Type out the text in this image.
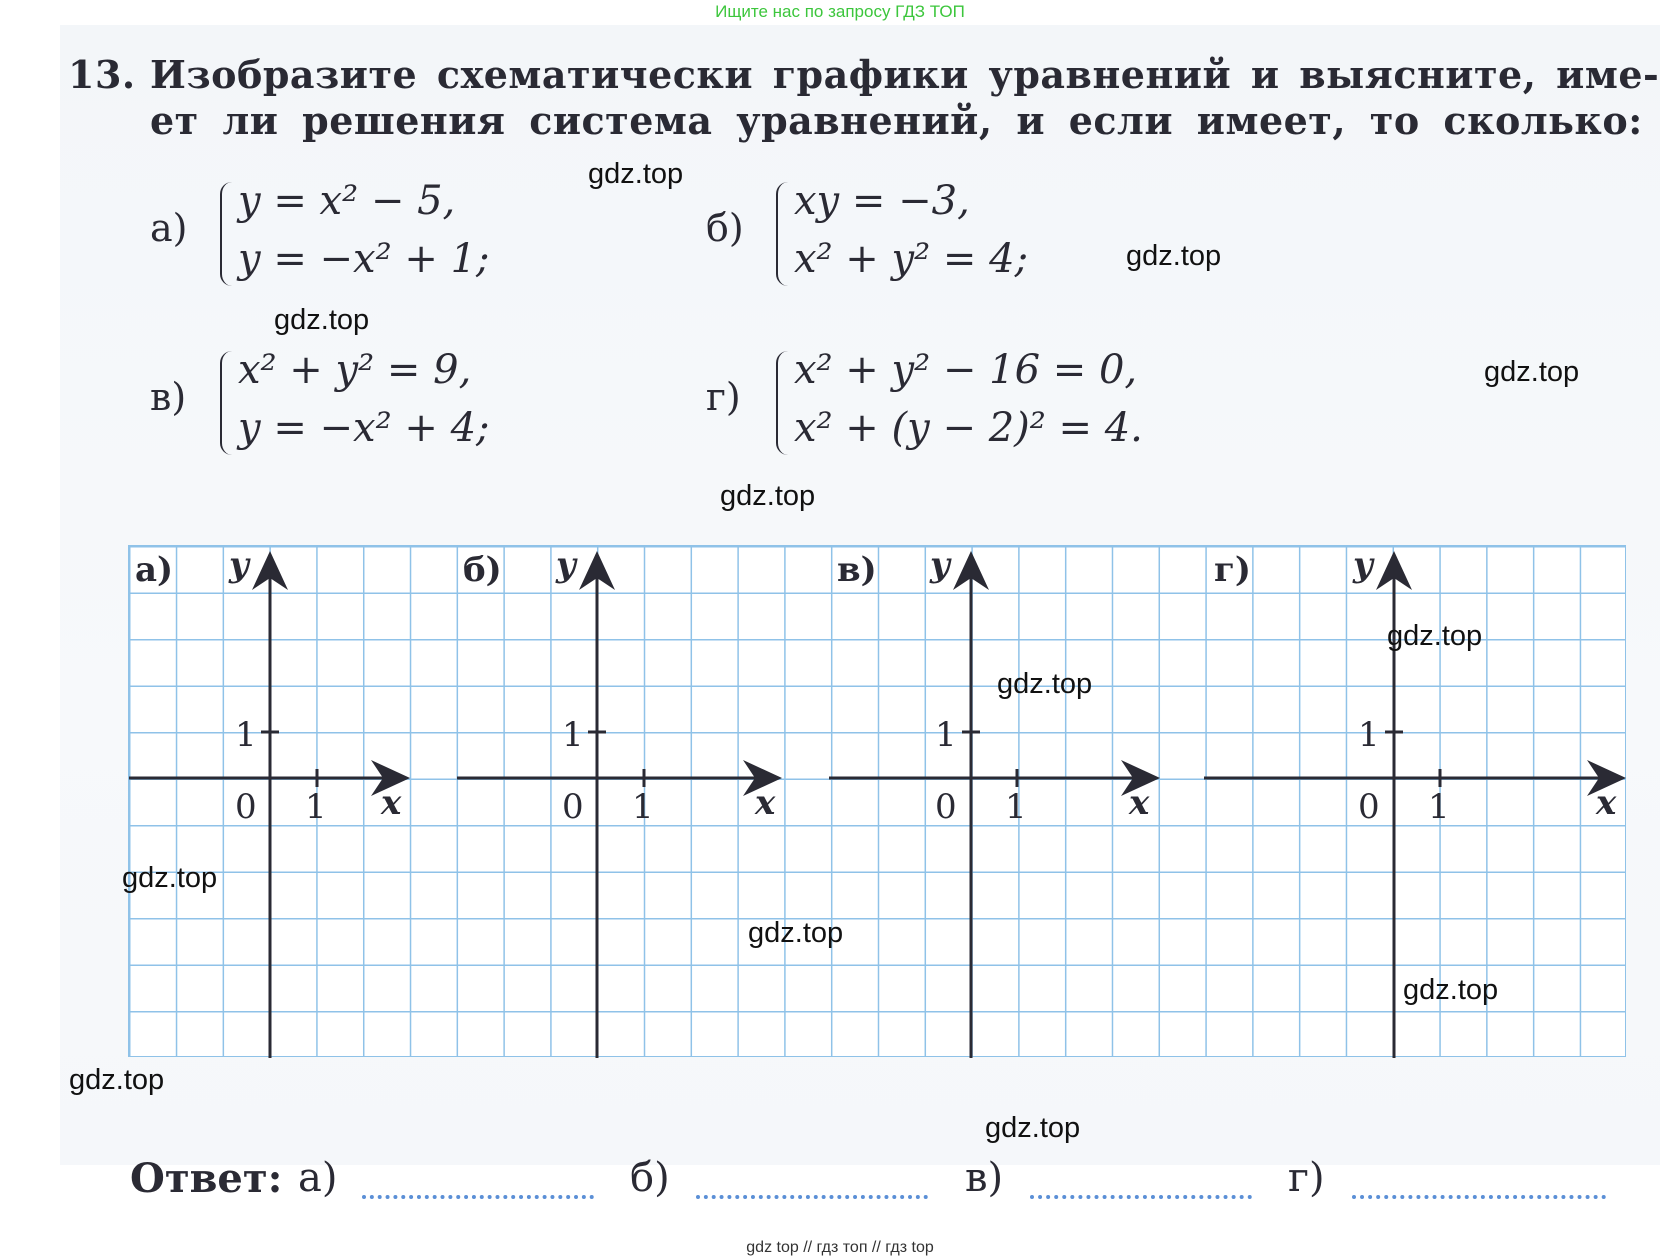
Ищите нас по запросу ГДЗ ТОП
13. Изобразите схематически графики уравнений и выясните, име-
ет ли решения система уравнений, и если имеет, то сколько:
а)
y = x² − 5,
y = −x² + 1;
б)
xy = −3,
x² + y² = 4;
в)
x² + y² = 9,
y = −x² + 4;
г)
x² + y² − 16 = 0,
x² + (y − 2)² = 4.
а) y
x
1
1
0
б) y
x
1
1
0
в) y
x
1
1
0
г)	y
x
1
1
0
Ответ: а)	б)	в)	г)
gdz.top
gdz.top
gdz.top
gdz.top
gdz.top
gdz.top
gdz.top
gdz.top
gdz.top
gdz.top
gdz.top
gdz.top
gdz top // гдз топ // гдз top
